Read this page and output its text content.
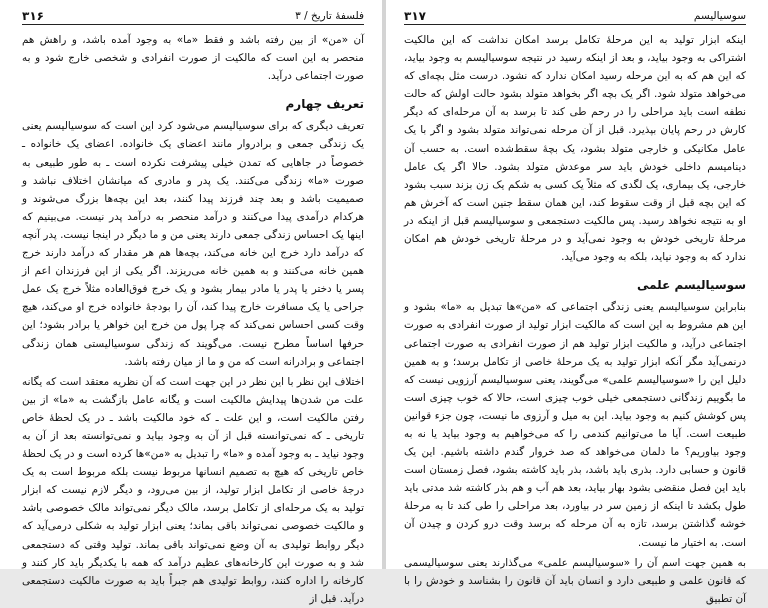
۳۱۶	فلسفهٔ تاریخ / ۳

آن «من» از بین رفته باشد و فقط «ما» به وجود آمده باشد، و راهش هم منحصر به این است که مالکیت از صورت انفرادی و شخصی خارج شود و به صورت اجتماعی درآید.

تعریف چهارم

تعریف دیگری که برای سوسیالیسم می‌شود کرد این است که سوسیالیسم یعنی یک زندگی جمعی و برادروار مانند اعضای یک خانواده. اعضای یک خانواده ـ خصوصاً در جاهایی که تمدن خیلی پیشرفت نکرده است ـ به طور طبیعی به صورت «ما» زندگی می‌کنند. یک پدر و مادری که میانشان اختلاف نباشد و صمیمیت باشد و بعد چند فرزند پیدا کنند، بعد این بچه‌ها بزرگ می‌شوند و هرکدام درآمدی پیدا می‌کنند و درآمد منحصر به درآمد پدر نیست. می‌بینیم که اینها یک احساس زندگی جمعی دارند یعنی من و ما دیگر در اینجا نیست. پدر آنچه که درآمد دارد خرج این خانه می‌کند، بچه‌ها هم هر مقدار که درآمد دارند خرج همین خانه می‌کنند و به همین خانه می‌ریزند. اگر یکی از این فرزندان اعم از پسر یا دختر یا پدر یا مادر بیمار بشود و یک خرج فوق‌العاده مثلاً خرج یک عمل جراحی یا یک مسافرت خارج پیدا کند، آن را بودجهٔ خانواده خرج او می‌کند، هیچ وقت کسی احساس نمی‌کند که چرا پول من خرج این خواهر یا برادر بشود؛ این حرفها اساساً مطرح نیست. می‌گویند که زندگی سوسیالیستی همان زندگی اجتماعی و برادرانه است که من و ما از میان رفته باشد.

اختلاف این نظر با این نظر در این جهت است که آن نظریه معتقد است که یگانه علت من شدن‌ها پیدایش مالکیت است و یگانه عامل بازگشت به «ما» از بین رفتن مالکیت است، و این علت ـ که خود مالکیت باشد ـ در یک لحظهٔ خاص تاریخی ـ که نمی‌توانسته قبل از آن به وجود بیاید و نمی‌توانسته بعد از آن به وجود نیاید ـ به وجود آمده و «ما» را تبدیل به «من»ها کرده است و در یک لحظهٔ خاص تاریخی که هیچ به تصمیم انسانها مربوط نیست بلکه مربوط است به یک درجهٔ خاصی از تکامل ابزار تولید، از بین می‌رود، و دیگر لازم نیست که ابزار تولید به یک مرحله‌ای از تکامل برسد، مالک دیگر نمی‌تواند مالک خصوصی باشد و مالکیت خصوصی نمی‌تواند باقی بماند؛ یعنی ابزار تولید به شکلی درمی‌آید که دیگر روابط تولیدی به آن وضع نمی‌تواند باقی بماند. تولید وقتی که دستجمعی شد و به صورت این کارخانه‌های عظیم درآمد که همه با یکدیگر باید کار کنند و کارخانه را اداره کنند، روابط تولیدی هم جبراً باید به صورت مالکیت دستجمعی درآید. قبل از

۳۱۷	سوسیالیسم

اینکه ابزار تولید به این مرحلهٔ تکامل برسد امکان نداشت که این مالکیت اشتراکی به وجود بیاید، و بعد از اینکه رسید در نتیجه سوسیالیسم به وجود بیاید، که این هم که به این مرحله رسید امکان ندارد که نشود. درست مثل بچه‌ای که می‌خواهد متولد شود. اگر یک بچه اگر بخواهد متولد بشود حالت اولش که حالت نطفه است باید مراحلی را در رحم طی کند تا برسد به آن مرحله‌ای که دیگر کارش در رحم پایان بپذیرد. قبل از آن مرحله نمی‌تواند متولد بشود و اگر با یک عامل مکانیکی و خارجی متولد بشود، یک بچهٔ سقط‌شده است. به حسب آن دینامیسم داخلی خودش باید سر موعدش متولد بشود. حالا اگر یک عامل خارجی، یک بیماری، یک لگدی که مثلاً یک کسی به شکم یک زن بزند سبب بشود که این بچه قبل از وقت سقوط کند، این همان سقط جنین است که آخرش هم او به نتیجه نخواهد رسید. پس مالکیت دستجمعی و سوسیالیسم قبل از اینکه در مرحلهٔ تاریخی خودش به وجود نمی‌آید و در مرحلهٔ تاریخی خودش هم امکان ندارد که به وجود نیاید، بلکه به وجود می‌آید.

سوسیالیسم علمی

بنابراین سوسیالیسم یعنی زندگی اجتماعی که «من»ها تبدیل به «ما» بشود و این هم مشروط به این است که مالکیت ابزار تولید از صورت انفرادی به صورت اجتماعی درآید، و مالکیت ابزار تولید هم از صورت انفرادی به صورت اجتماعی درنمی‌آید مگر آنکه ابزار تولید به یک مرحلهٔ خاصی از تکامل برسد؛ و به همین دلیل این را «سوسیالیسم علمی» می‌گویند، یعنی سوسیالیسم آرزویی نیست که ما بگوییم زندگانی دستجمعی خیلی خوب چیزی است، حالا که خوب چیزی است پس کوشش کنیم به وجود بیاید. این به میل و آرزوی ما نیست، چون جزء قوانین طبیعت است. آیا ما می‌توانیم کندمی را که می‌خواهیم به وجود بیاید یا نه به وجود بیاوریم؟ ما دلمان می‌خواهد که صد خروار گندم داشته باشیم. این یک قانون و حسابی دارد. بذری باید باشد، بذر باید کاشته بشود، فصل زمستان است باید این فصل منقضی بشود بهار بیاید، بعد هم آب و هم بذر کاشته شد مدتی باید طول بکشد تا اینکه از زمین سر در بیاورد، بعد مراحلی را طی کند تا به مرحلهٔ خوشه گذاشتن برسد، تازه به آن مرحله که برسد وقت درو کردن و چیدن آن است. به اختیار ما نیست.

به همین جهت اسم آن را «سوسیالیسم علمی» می‌گذارند یعنی سوسیالیسمی که قانون علمی و طبیعی دارد و انسان باید آن قانون را بشناسد و خودش را با آن تطبیق
